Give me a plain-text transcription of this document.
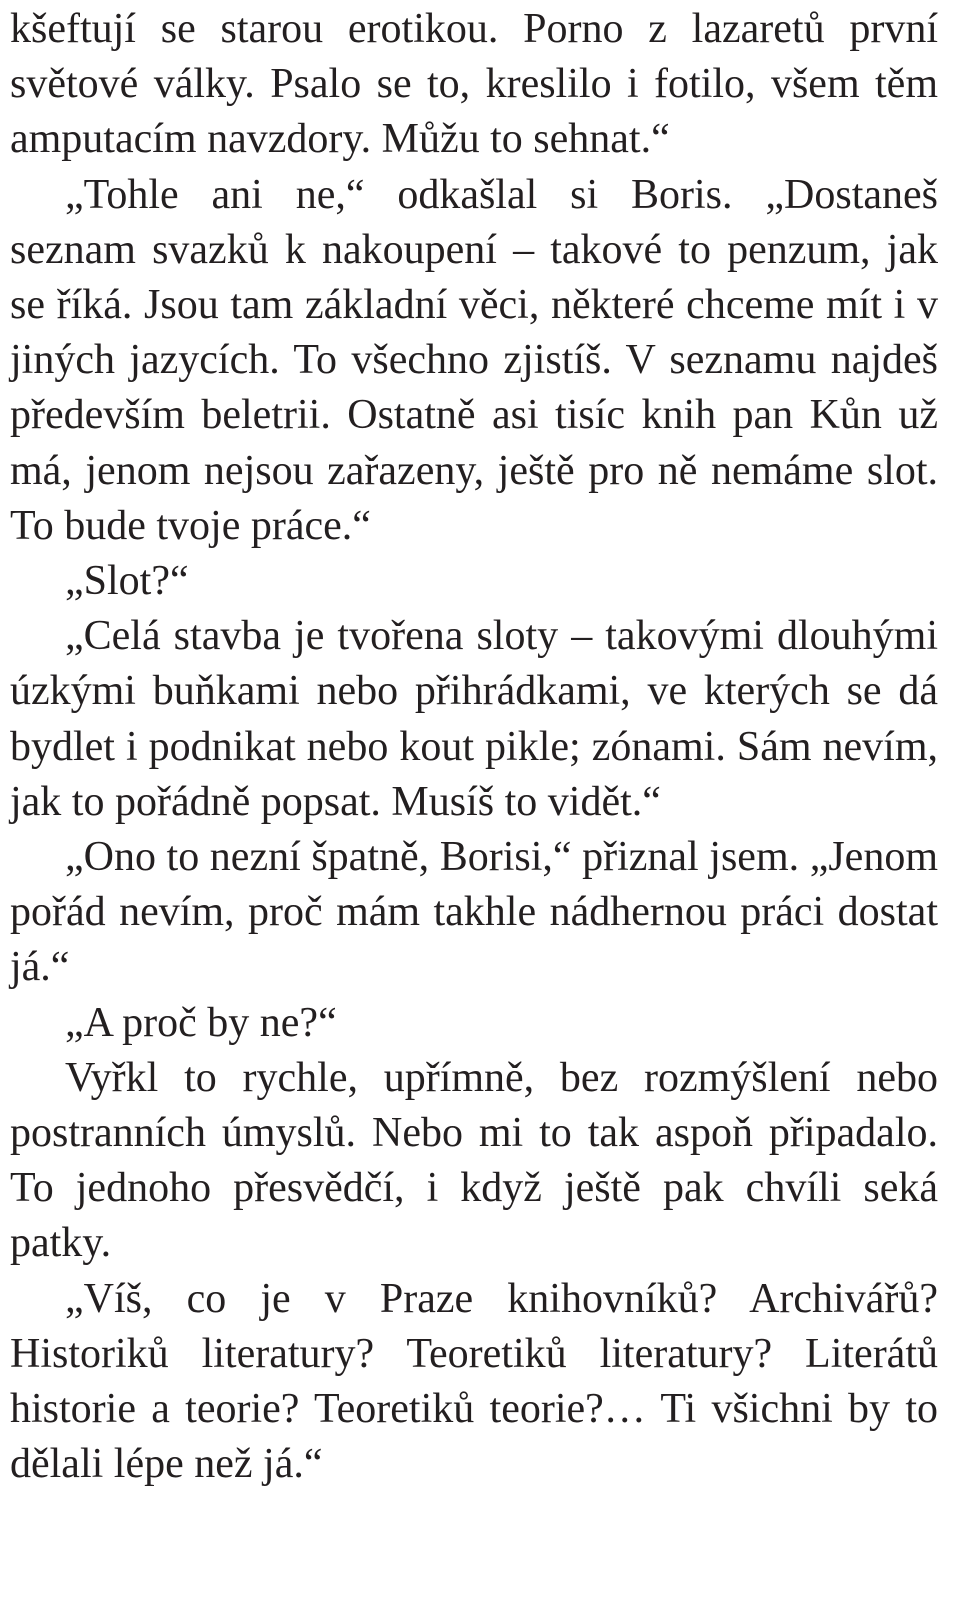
kšeftují se starou erotikou. Porno z lazaretů první světové války. Psalo se to, kreslilo i fotilo, všem těm amputacím navzdory. Můžu to sehnat.“

„Tohle ani ne,“ odkašlal si Boris. „Dostaneš seznam svazků k nakoupení – takové to penzum, jak se říká. Jsou tam základní věci, některé chceme mít i v jiných jazycích. To všechno zjistíš. V seznamu najdeš především beletrii. Ostatně asi tisíc knih pan Kůn už má, jenom nejsou zařazeny, ještě pro ně nemáme slot. To bude tvoje práce.“

„Slot?“

„Celá stavba je tvořena sloty – takovými dlouhými úzkými buňkami nebo přihrádkami, ve kterých se dá bydlet i podnikat nebo kout pikle; zónami. Sám nevím, jak to pořádně popsat. Musíš to vidět.“

„Ono to nezní špatně, Borisi,“ přiznal jsem. „Jenom pořád nevím, proč mám takhle nádhernou práci dostat já.“

„A proč by ne?“

Vyřkl to rychle, upřímně, bez rozmýšlení nebo postranních úmyslů. Nebo mi to tak aspoň připadalo. To jednoho přesvědčí, i když ještě pak chvíli seká patky.

„Víš, co je v Praze knihovníků? Archivářů? Historiků literatury? Teoretiků literatury? Literátů historie a teorie? Teoretiků teorie?… Ti všichni by to dělali lépe než já.“
